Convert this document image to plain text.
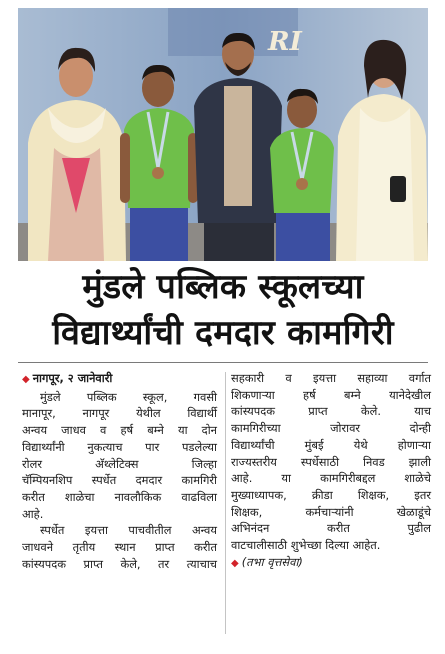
RI
मुंडले पब्लिक स्कूलच्या
विद्यार्थ्यांची दमदार कामगिरी
◆ नागपूर, २ जानेवारी
मुंडले पब्लिक स्कूल, गवसी
मानापूर, नागपूर येथील विद्यार्थी
अन्वय जाधव व हर्ष बम्ने या दोन
विद्यार्थ्यांनी नुकत्याच पार पडलेल्या
रोलर अ‍ॅथ्लेटिक्स जिल्हा
चॅम्पियनशिप स्पर्धेत दमदार कामगिरी
करीत शाळेचा नावलौकिक वाढविला
आहे.
स्पर्धेत इयत्ता पाचवीतील अन्वय
जाधवने तृतीय स्थान प्राप्त करीत
कांस्यपदक प्राप्त केले, तर त्याचाच
सहकारी व इयत्ता सहाव्या वर्गात
शिकणाऱ्या हर्ष बम्ने यानेदेखील
कांस्यपदक प्राप्त केले. याच
कामगिरीच्या जोरावर दोन्ही
विद्यार्थ्यांची मुंबई येथे होणाऱ्या
राज्यस्तरीय स्पर्धेसाठी निवड झाली
आहे. या कामगिरीबद्दल शाळेचे
मुख्याध्यापक, क्रीडा शिक्षक, इतर
शिक्षक, कर्मचाऱ्यांनी खेळाडूंचे
अभिनंदन करीत पुढील
वाटचालीसाठी शुभेच्छा दिल्या आहेत.
◆ (तभा वृत्तसेवा)
